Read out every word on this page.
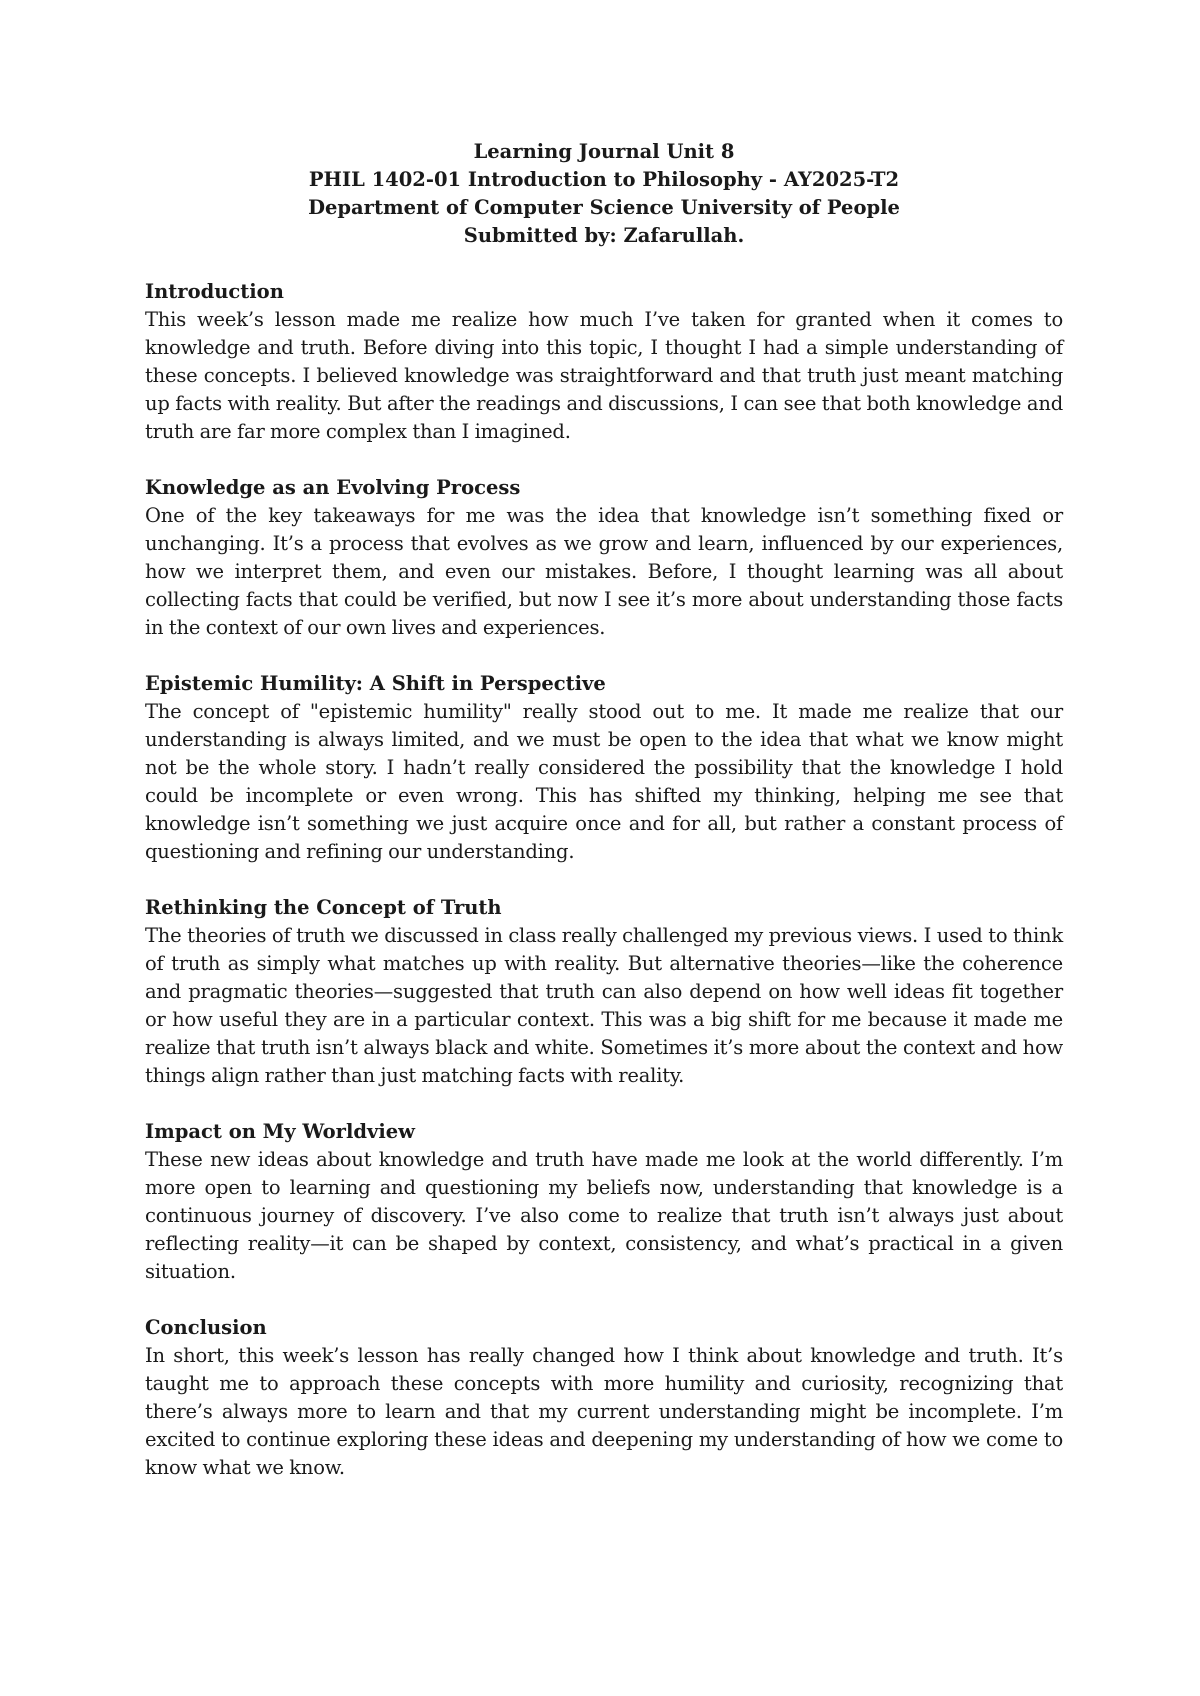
Learning Journal Unit 8
PHIL 1402-01 Introduction to Philosophy - AY2025-T2
Department of Computer Science University of People
Submitted by: Zafarullah.
Introduction
This week’s lesson made me realize how much I’ve taken for granted when it comes to knowledge and truth. Before diving into this topic, I thought I had a simple understanding of these concepts. I believed knowledge was straightforward and that truth just meant matching up facts with reality. But after the readings and discussions, I can see that both knowledge and truth are far more complex than I imagined.
Knowledge as an Evolving Process
One of the key takeaways for me was the idea that knowledge isn’t something fixed or unchanging. It’s a process that evolves as we grow and learn, influenced by our experiences, how we interpret them, and even our mistakes. Before, I thought learning was all about collecting facts that could be verified, but now I see it’s more about understanding those facts in the context of our own lives and experiences.
Epistemic Humility: A Shift in Perspective
The concept of "epistemic humility" really stood out to me. It made me realize that our understanding is always limited, and we must be open to the idea that what we know might not be the whole story. I hadn’t really considered the possibility that the knowledge I hold could be incomplete or even wrong. This has shifted my thinking, helping me see that knowledge isn’t something we just acquire once and for all, but rather a constant process of questioning and refining our understanding.
Rethinking the Concept of Truth
The theories of truth we discussed in class really challenged my previous views. I used to think of truth as simply what matches up with reality. But alternative theories—like the coherence and pragmatic theories—suggested that truth can also depend on how well ideas fit together or how useful they are in a particular context. This was a big shift for me because it made me realize that truth isn’t always black and white. Sometimes it’s more about the context and how things align rather than just matching facts with reality.
Impact on My Worldview
These new ideas about knowledge and truth have made me look at the world differently. I’m more open to learning and questioning my beliefs now, understanding that knowledge is a continuous journey of discovery. I’ve also come to realize that truth isn’t always just about reflecting reality—it can be shaped by context, consistency, and what’s practical in a given situation.
Conclusion
In short, this week’s lesson has really changed how I think about knowledge and truth. It’s taught me to approach these concepts with more humility and curiosity, recognizing that there’s always more to learn and that my current understanding might be incomplete. I’m excited to continue exploring these ideas and deepening my understanding of how we come to know what we know.
